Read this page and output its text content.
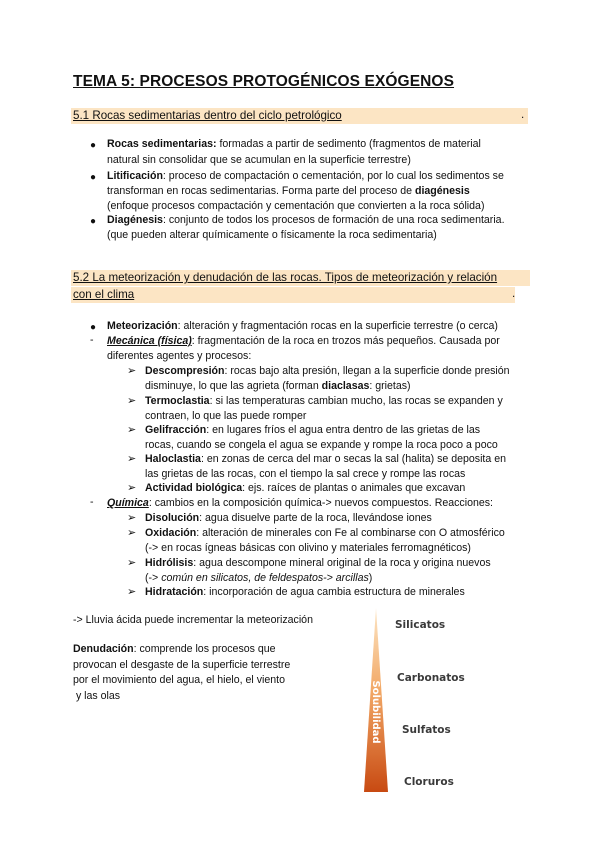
TEMA 5: PROCESOS PROTOGÉNICOS EXÓGENOS
5.1 Rocas sedimentarias dentro del ciclo petrológico	.
● Rocas sedimentarias: formadas a partir de sedimento (fragmentos de material
natural sin consolidar que se acumulan en la superficie terrestre)
● Litificación: proceso de compactación o cementación, por lo cual los sedimentos se
transforman en rocas sedimentarias. Forma parte del proceso de diagénesis
(enfoque procesos compactación y cementación que convierten a la roca sólida)
● Diagénesis: conjunto de todos los procesos de formación de una roca sedimentaria.
(que pueden alterar químicamente o físicamente la roca sedimentaria)
5.2 La meteorización y denudación de las rocas. Tipos de meteorización y relación
con el clima	.
● Meteorización: alteración y fragmentación rocas en la superficie terrestre (o cerca)
- Mecánica (física): fragmentación de la roca en trozos más pequeños. Causada por
diferentes agentes y procesos:
➢ Descompresión: rocas bajo alta presión, llegan a la superficie donde presión
disminuye, lo que las agrieta (forman diaclasas: grietas)
➢ Termoclastia: si las temperaturas cambian mucho, las rocas se expanden y
contraen, lo que las puede romper
➢ Gelifracción: en lugares fríos el agua entra dentro de las grietas de las
rocas, cuando se congela el agua se expande y rompe la roca poco a poco
➢ Haloclastia: en zonas de cerca del mar o secas la sal (halita) se deposita en
las grietas de las rocas, con el tiempo la sal crece y rompe las rocas
➢ Actividad biológica: ejs. raíces de plantas o animales que excavan
- Química: cambios en la composición química-> nuevos compuestos. Reacciones:
➢ Disolución: agua disuelve parte de la roca, llevándose iones
➢ Oxidación: alteración de minerales con Fe al combinarse con O atmosférico
(-> en rocas ígneas básicas con olivino y materiales ferromagnéticos)
➢ Hidrólisis: agua descompone mineral original de la roca y origina nuevos
(-> común en silicatos, de feldespatos-> arcillas)
➢ Hidratación: incorporación de agua cambia estructura de minerales
-> Lluvia ácida puede incrementar la meteorización
Denudación: comprende los procesos que
provocan el desgaste de la superficie terrestre
por el movimiento del agua, el hielo, el viento
y las olas	Solubilidad
Silicatos
Carbonatos
Sulfatos
Cloruros
